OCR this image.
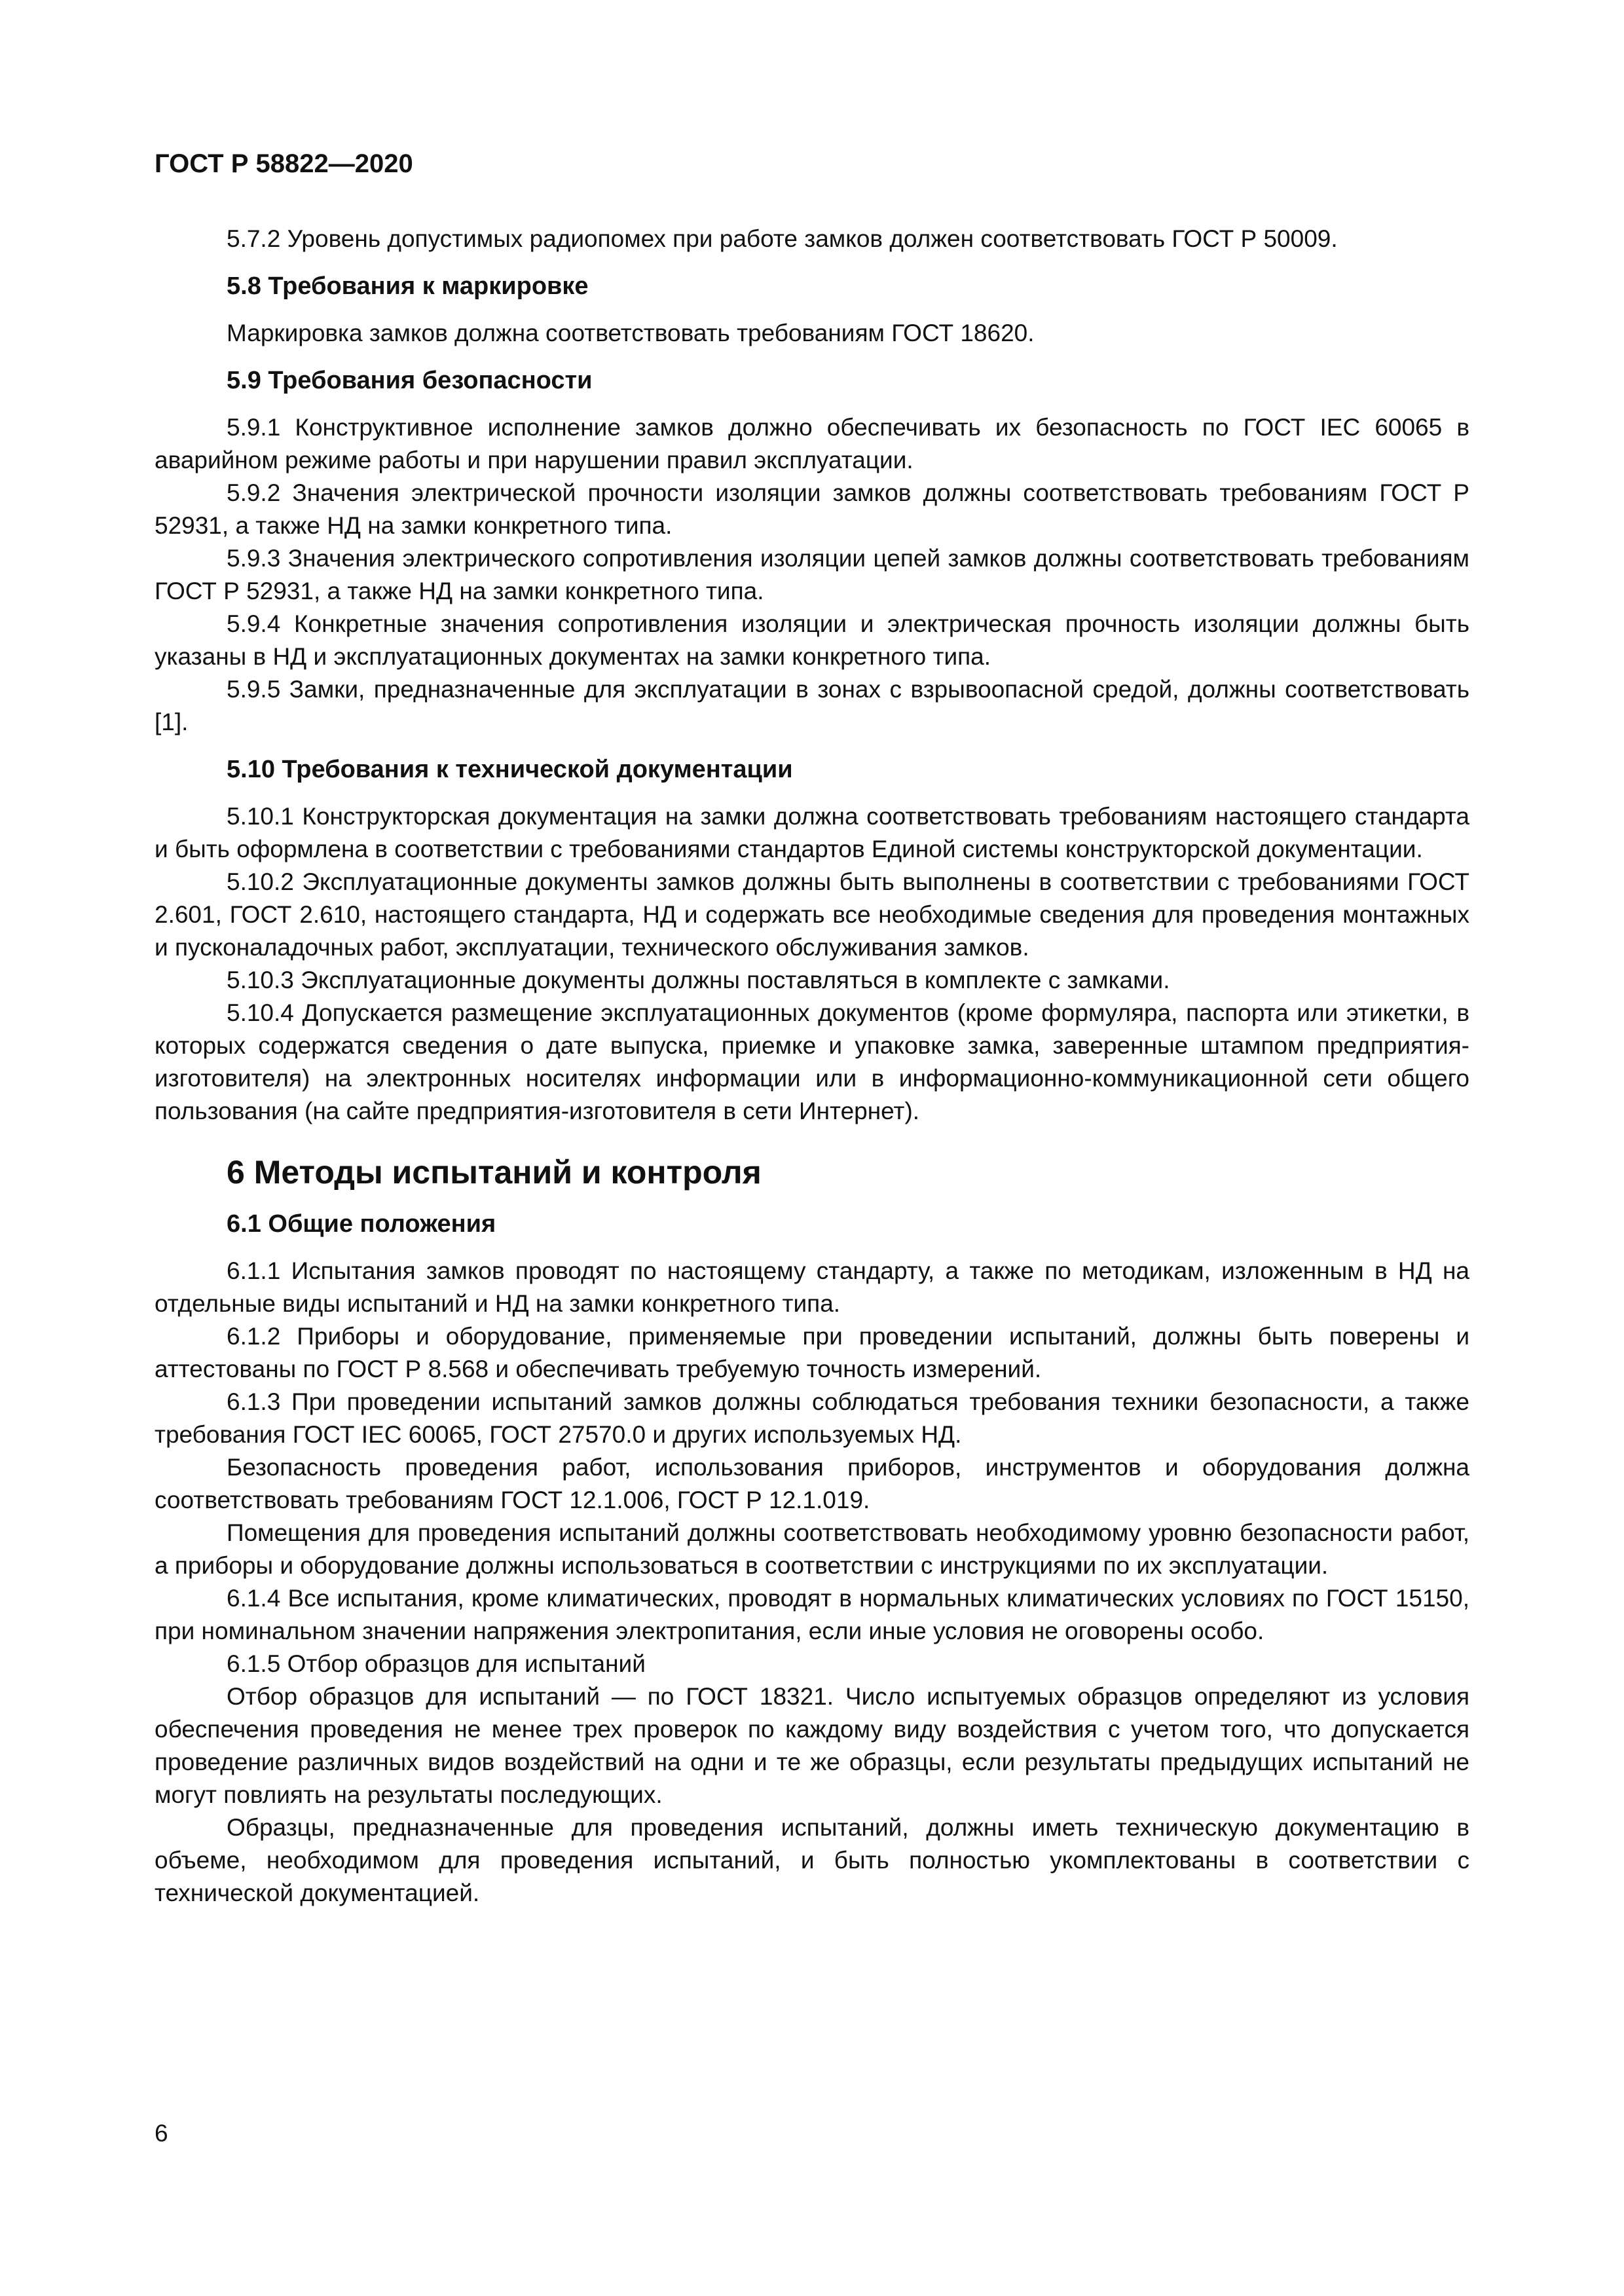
ГОСТ Р 58822—2020

5.7.2 Уровень допустимых радиопомех при работе замков должен соответствовать ГОСТ Р 50009.

5.8 Требования к маркировке

Маркировка замков должна соответствовать требованиям ГОСТ 18620.

5.9 Требования безопасности

5.9.1 Конструктивное исполнение замков должно обеспечивать их безопасность по ГОСТ IEC 60065 в аварийном режиме работы и при нарушении правил эксплуатации.

5.9.2 Значения электрической прочности изоляции замков должны соответствовать требованиям ГОСТ Р 52931, а также НД на замки конкретного типа.

5.9.3 Значения электрического сопротивления изоляции цепей замков должны соответствовать требованиям ГОСТ Р 52931, а также НД на замки конкретного типа.

5.9.4 Конкретные значения сопротивления изоляции и электрическая прочность изоляции должны быть указаны в НД и эксплуатационных документах на замки конкретного типа.

5.9.5 Замки, предназначенные для эксплуатации в зонах с взрывоопасной средой, должны соответствовать [1].

5.10 Требования к технической документации

5.10.1 Конструкторская документация на замки должна соответствовать требованиям настоящего стандарта и быть оформлена в соответствии с требованиями стандартов Единой системы конструкторской документации.

5.10.2 Эксплуатационные документы замков должны быть выполнены в соответствии с требованиями ГОСТ 2.601, ГОСТ 2.610, настоящего стандарта, НД и содержать все необходимые сведения для проведения монтажных и пусконаладочных работ, эксплуатации, технического обслуживания замков.

5.10.3 Эксплуатационные документы должны поставляться в комплекте с замками.

5.10.4 Допускается размещение эксплуатационных документов (кроме формуляра, паспорта или этикетки, в которых содержатся сведения о дате выпуска, приемке и упаковке замка, заверенные штампом предприятия-изготовителя) на электронных носителях информации или в информационно-коммуникационной сети общего пользования (на сайте предприятия-изготовителя в сети Интернет).

6 Методы испытаний и контроля
6.1 Общие положения

6.1.1 Испытания замков проводят по настоящему стандарту, а также по методикам, изложенным в НД на отдельные виды испытаний и НД на замки конкретного типа.

6.1.2 Приборы и оборудование, применяемые при проведении испытаний, должны быть поверены и аттестованы по ГОСТ Р 8.568 и обеспечивать требуемую точность измерений.

6.1.3 При проведении испытаний замков должны соблюдаться требования техники безопасности, а также требования ГОСТ IEC 60065, ГОСТ 27570.0 и других используемых НД.

Безопасность проведения работ, использования приборов, инструментов и оборудования должна соответствовать требованиям ГОСТ 12.1.006, ГОСТ Р 12.1.019.

Помещения для проведения испытаний должны соответствовать необходимому уровню безопасности работ, а приборы и оборудование должны использоваться в соответствии с инструкциями по их эксплуатации.

6.1.4 Все испытания, кроме климатических, проводят в нормальных климатических условиях по ГОСТ 15150, при номинальном значении напряжения электропитания, если иные условия не оговорены особо.

6.1.5 Отбор образцов для испытаний

Отбор образцов для испытаний — по ГОСТ 18321. Число испытуемых образцов определяют из условия обеспечения проведения не менее трех проверок по каждому виду воздействия с учетом того, что допускается проведение различных видов воздействий на одни и те же образцы, если результаты предыдущих испытаний не могут повлиять на результаты последующих.

Образцы, предназначенные для проведения испытаний, должны иметь техническую документацию в объеме, необходимом для проведения испытаний, и быть полностью укомплектованы в соответствии с технической документацией.

6
